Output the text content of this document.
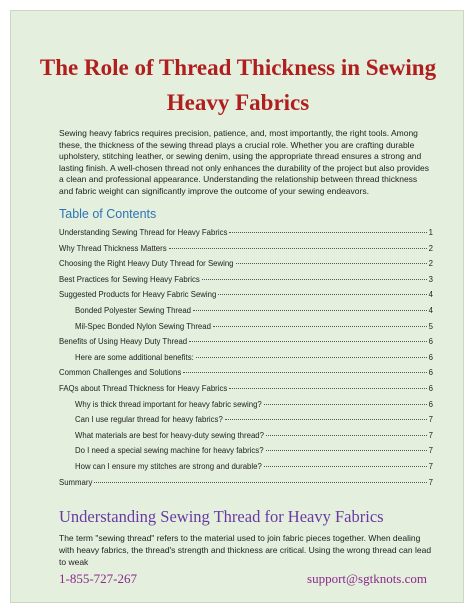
The Role of Thread Thickness in Sewing
Heavy Fabrics

Sewing heavy fabrics requires precision, patience, and, most importantly, the right tools. Among these, the thickness of the sewing thread plays a crucial role. Whether you are crafting durable upholstery, stitching leather, or sewing denim, using the appropriate thread ensures a strong and lasting finish. A well-chosen thread not only enhances the durability of the project but also provides a clean and professional appearance. Understanding the relationship between thread thickness and fabric weight can significantly improve the outcome of your sewing endeavors.

Table of Contents
Understanding Sewing Thread for Heavy Fabrics	1
Why Thread Thickness Matters	2
Choosing the Right Heavy Duty Thread for Sewing	2
Best Practices for Sewing Heavy Fabrics	3
Suggested Products for Heavy Fabric Sewing	4
Bonded Polyester Sewing Thread	4
Mil-Spec Bonded Nylon Sewing Thread	5
Benefits of Using Heavy Duty Thread	6
Here are some additional benefits:	6
Common Challenges and Solutions	6
FAQs about Thread Thickness for Heavy Fabrics	6
Why is thick thread important for heavy fabric sewing?	6
Can I use regular thread for heavy fabrics?	7
What materials are best for heavy-duty sewing thread?	7
Do I need a special sewing machine for heavy fabrics?	7
How can I ensure my stitches are strong and durable?	7
Summary	7
Understanding Sewing Thread for Heavy Fabrics

The term "sewing thread" refers to the material used to join fabric pieces together. When dealing with heavy fabrics, the thread's strength and thickness are critical. Using the wrong thread can lead to weak

1-855-727-267	support@sgtknots.com
